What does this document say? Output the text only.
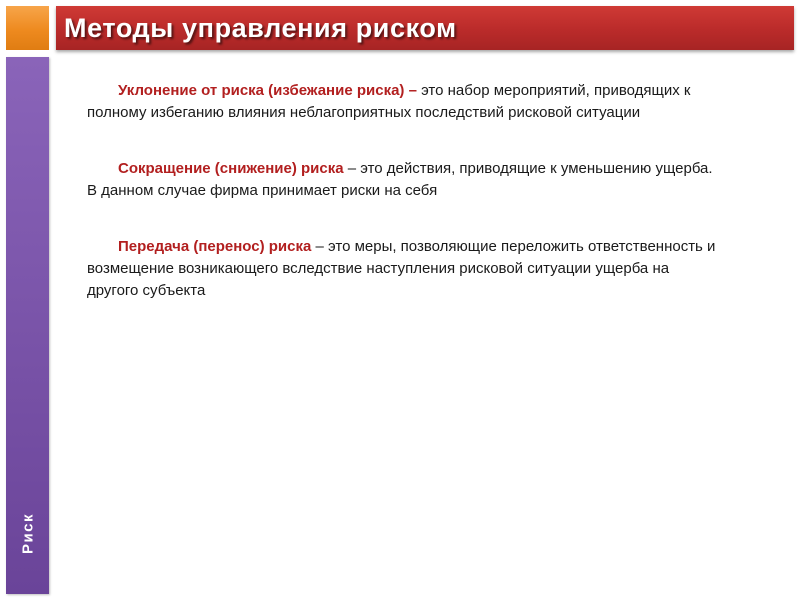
Методы управления риском
Риск

Уклонение от риска (избежание риска) – это набор мероприятий, приводящих к полному избеганию влияния неблагоприятных последствий рисковой ситуации

Сокращение (снижение) риска – это действия, приводящие к уменьшению ущерба. В данном случае фирма принимает риски на себя

Передача (перенос) риска – это меры, позволяющие переложить ответственность и возмещение возникающего вследствие наступления рисковой ситуации ущерба на другого субъекта
